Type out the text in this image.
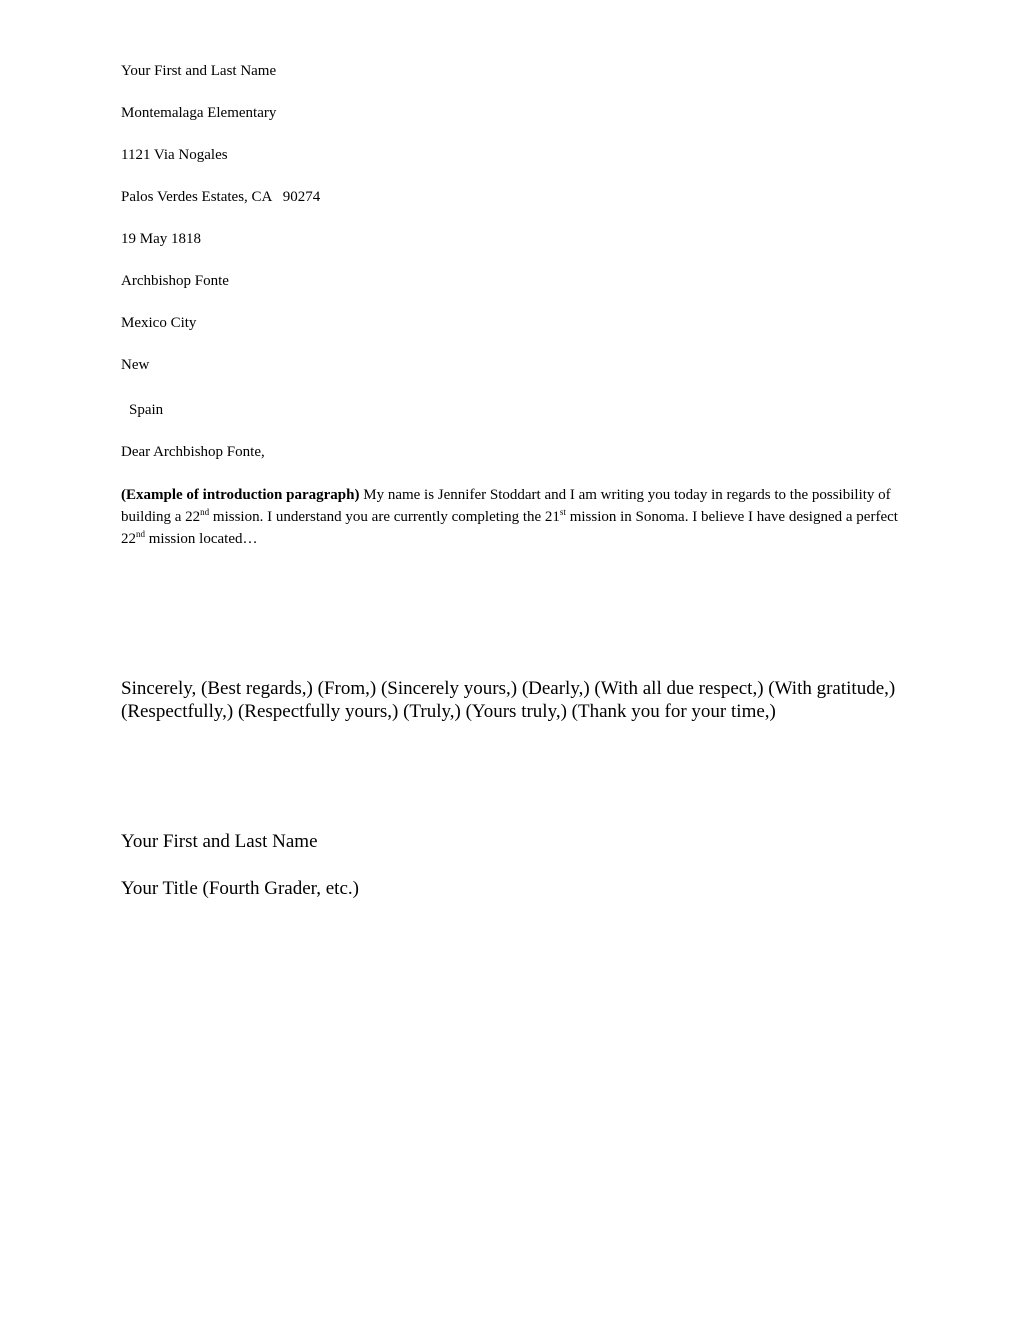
Your First and Last Name
Montemalaga Elementary
1121 Via Nogales
Palos Verdes Estates, CA   90274
19 May 1818
Archbishop Fonte
Mexico City
New
Spain
Dear Archbishop Fonte,
(Example of introduction paragraph) My name is Jennifer Stoddart and I am writing you today in regards to the possibility of building a 22nd mission. I understand you are currently completing the 21st mission in Sonoma. I believe I have designed a perfect 22nd mission located…
Sincerely, (Best regards,) (From,) (Sincerely yours,) (Dearly,) (With all due respect,) (With gratitude,) (Respectfully,) (Respectfully yours,) (Truly,) (Yours truly,) (Thank you for your time,)
Your First and Last Name
Your Title (Fourth Grader, etc.)
